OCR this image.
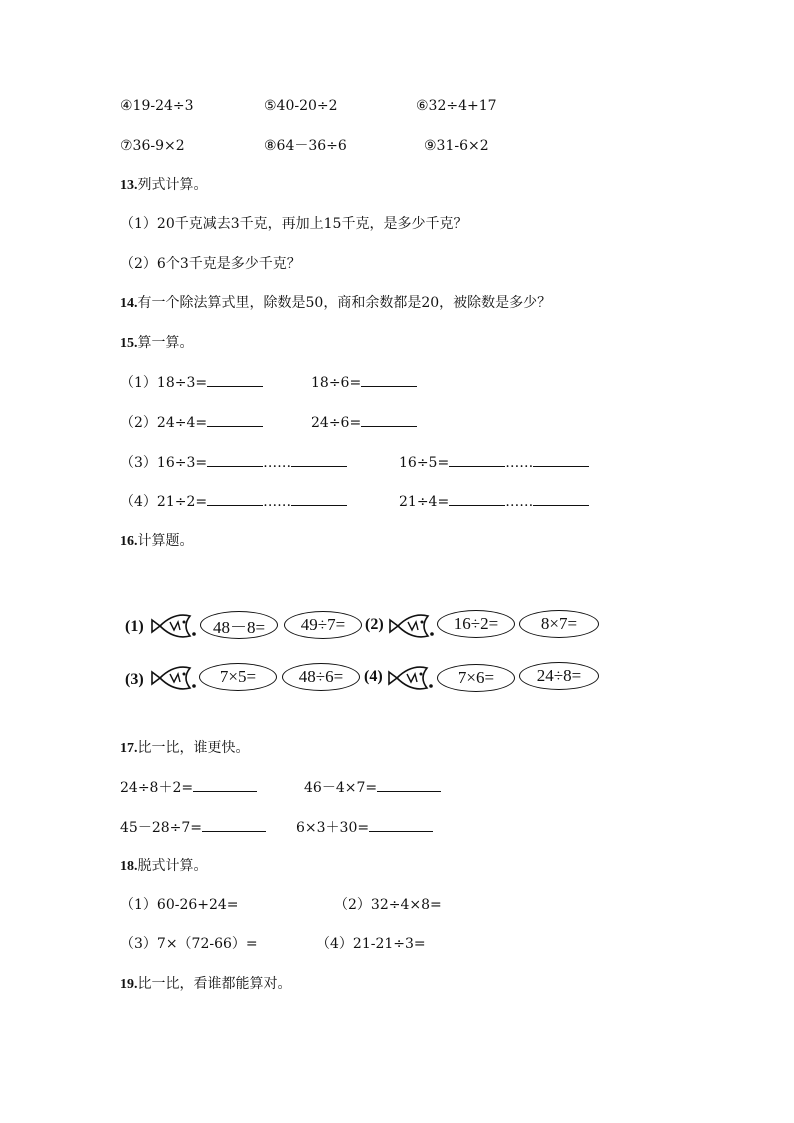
④19-24÷3	⑤40-20÷2	⑥32÷4+17
⑦36-9×2	⑧64－36÷6	⑨31-6×2
13.列式计算。
（1）20千克减去3千克，再加上15千克，是多少千克？
（2）6个3千克是多少千克？
14.有一个除法算式里，除数是50，商和余数都是20，被除数是多少？
15.算一算。
（1）18÷3=	18÷6=
（2）24÷4=	24÷6=
（3）16÷3=	……	16÷5=	……
（4）21÷2=	……	21÷4=	……
16.计算题。
(1)	48－8=	49÷7=	(2)	16÷2=	8×7=
(3)	7×5=	48÷6=	(4)	7×6=	24÷8=
17.比一比，谁更快。
24÷8＋2=	46－4×7=
45－28÷7=	6×3＋30=
18.脱式计算。
（1）60-26+24=	（2）32÷4×8=
（3）7×（72-66）=	（4）21-21÷3=
19.比一比，看谁都能算对。
